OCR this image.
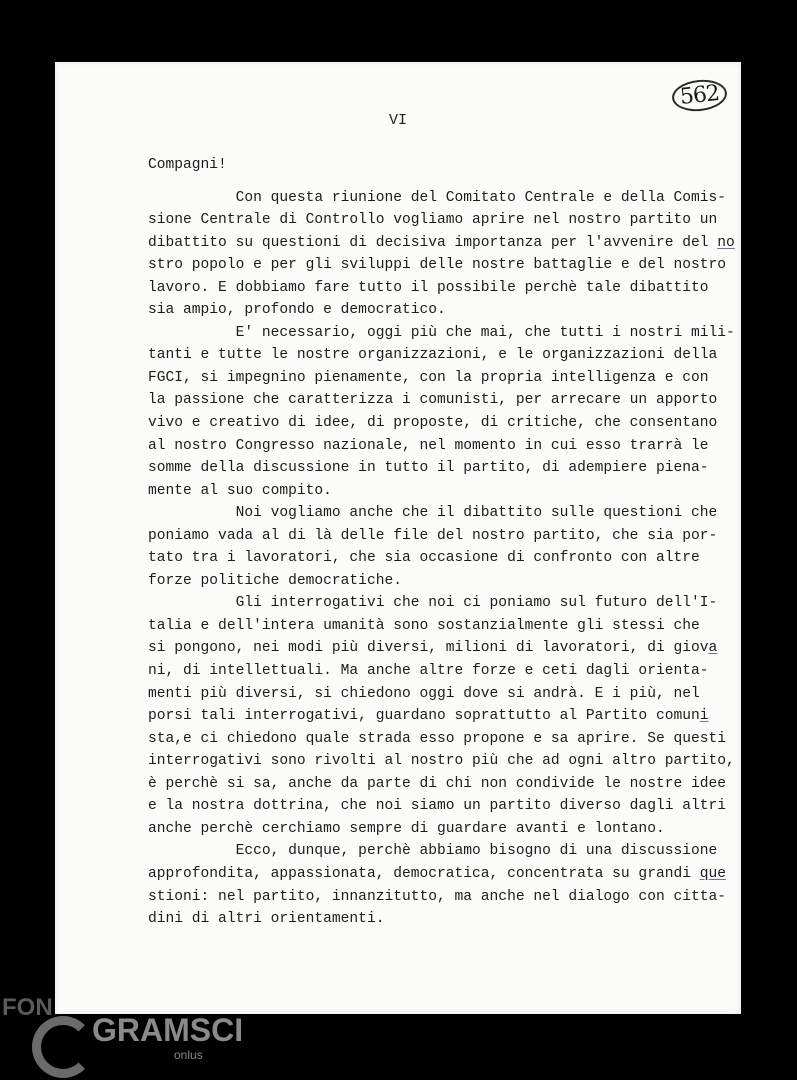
562
VI
Compagni!
Con questa riunione del Comitato Centrale e della Comis-
sione Centrale di Controllo vogliamo aprire nel nostro partito un
dibattito su questioni di decisiva importanza per l'avvenire del no
stro popolo e per gli sviluppi delle nostre battaglie e del nostro
lavoro. E dobbiamo fare tutto il possibile perchè tale dibattito
sia ampio, profondo e democratico.
E' necessario, oggi più che mai, che tutti i nostri mili-
tanti e tutte le nostre organizzazioni, e le organizzazioni della
FGCI, si impegnino pienamente, con la propria intelligenza e con
la passione che caratterizza i comunisti, per arrecare un apporto
vivo e creativo di idee, di proposte, di critiche, che consentano
al nostro Congresso nazionale, nel momento in cui esso trarrà le
somme della discussione in tutto il partito, di adempiere piena-
mente al suo compito.
Noi vogliamo anche che il dibattito sulle questioni che
poniamo vada al di là delle file del nostro partito, che sia por-
tato tra i lavoratori, che sia occasione di confronto con altre
forze politiche democratiche.
Gli interrogativi che noi ci poniamo sul futuro dell'I-
talia e dell'intera umanità sono sostanzialmente gli stessi che
si pongono, nei modi più diversi, milioni di lavoratori, di giova
ni, di intellettuali. Ma anche altre forze e ceti dagli orienta-
menti più diversi, si chiedono oggi dove si andrà. E i più, nel
porsi tali interrogativi, guardano soprattutto al Partito comuni
sta,e ci chiedono quale strada esso propone e sa aprire. Se questi
interrogativi sono rivolti al nostro più che ad ogni altro partito,
è perchè si sa, anche da parte di chi non condivide le nostre idee
e la nostra dottrina, che noi siamo un partito diverso dagli altri
anche perchè cerchiamo sempre di guardare avanti e lontano.
Ecco, dunque, perchè abbiamo bisogno di una discussione
approfondita, appassionata, democratica, concentrata su grandi que
stioni: nel partito, innanzitutto, ma anche nel dialogo con citta-
dini di altri orientamenti.
FON
GRAMSCI
onlus
